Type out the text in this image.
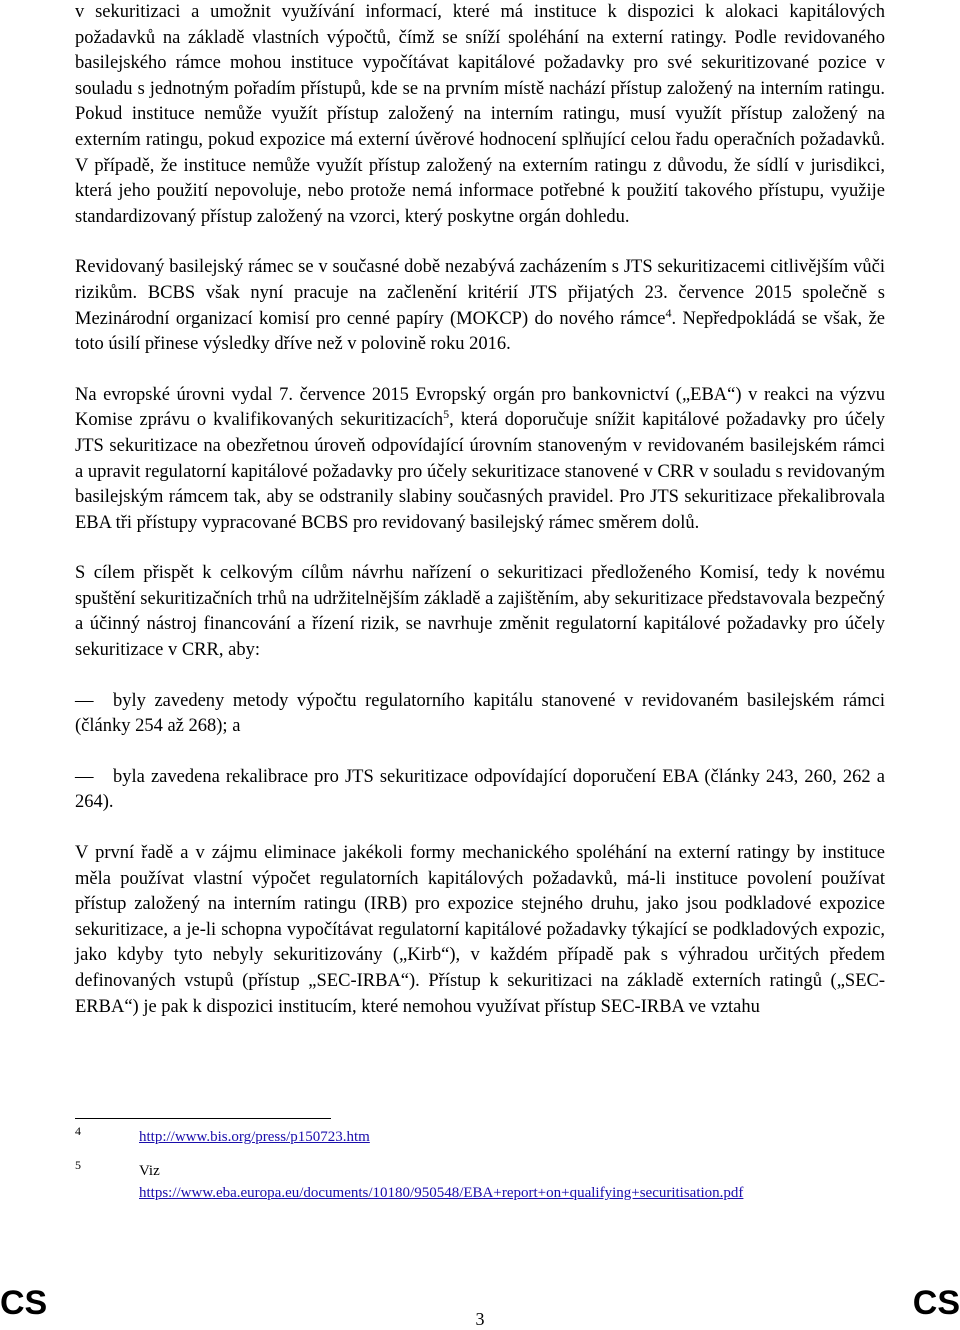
v sekuritizaci a umožnit využívání informací, které má instituce k dispozici k alokaci kapitálových požadavků na základě vlastních výpočtů, čímž se sníží spoléhání na externí ratingy. Podle revidovaného basilejského rámce mohou instituce vypočítávat kapitálové požadavky pro své sekuritizované pozice v souladu s jednotným pořadím přístupů, kde se na prvním místě nachází přístup založený na interním ratingu. Pokud instituce nemůže využít přístup založený na interním ratingu, musí využít přístup založený na externím ratingu, pokud expozice má externí úvěrové hodnocení splňující celou řadu operačních požadavků. V případě, že instituce nemůže využít přístup založený na externím ratingu z důvodu, že sídlí v jurisdikci, která jeho použití nepovoluje, nebo protože nemá informace potřebné k použití takového přístupu, využije standardizovaný přístup založený na vzorci, který poskytne orgán dohledu.

Revidovaný basilejský rámec se v současné době nezabývá zacházením s JTS sekuritizacemi citlivějším vůči rizikům. BCBS však nyní pracuje na začlenění kritérií JTS přijatých 23. července 2015 společně s Mezinárodní organizací komisí pro cenné papíry (MOKCP) do nového rámce$^4$. Nepředpokládá se však, že toto úsilí přinese výsledky dříve než v polovině roku 2016.

Na evropské úrovni vydal 7. července 2015 Evropský orgán pro bankovnictví („EBA“) v reakci na výzvu Komise zprávu o kvalifikovaných sekuritizacích$^5$, která doporučuje snížit kapitálové požadavky pro účely JTS sekuritizace na obezřetnou úroveň odpovídající úrovním stanoveným v revidovaném basilejském rámci a upravit regulatorní kapitálové požadavky pro účely sekuritizace stanovené v CRR v souladu s revidovaným basilejským rámcem tak, aby se odstranily slabiny současných pravidel. Pro JTS sekuritizace překalibrovala EBA tři přístupy vypracované BCBS pro revidovaný basilejský rámec směrem dolů.

S cílem přispět k celkovým cílům návrhu nařízení o sekuritizaci předloženého Komisí, tedy k novému spuštění sekuritizačních trhů na udržitelnějším základě a zajištěním, aby sekuritizace představovala bezpečný a účinný nástroj financování a řízení rizik, se navrhuje změnit regulatorní kapitálové požadavky pro účely sekuritizace v CRR, aby:

— byly zavedeny metody výpočtu regulatorního kapitálu stanovené v revidovaném basilejském rámci (články 254 až 268); a

— byla zavedena rekalibrace pro JTS sekuritizace odpovídající doporučení EBA (články 243, 260, 262 a 264).

V první řadě a v zájmu eliminace jakékoli formy mechanického spoléhání na externí ratingy by instituce měla používat vlastní výpočet regulatorních kapitálových požadavků, má-li instituce povolení používat přístup založený na interním ratingu (IRB) pro expozice stejného druhu, jako jsou podkladové expozice sekuritizace, a je-li schopna vypočítávat regulatorní kapitálové požadavky týkající se podkladových expozic, jako kdyby tyto nebyly sekuritizovány („Kirb“), v každém případě pak s výhradou určitých předem definovaných vstupů (přístup „SEC-IRBA“). Přístup k sekuritizaci na základě externích ratingů („SEC-ERBA“) je pak k dispozici institucím, které nemohou využívat přístup SEC-IRBA ve vztahu

4	http://www.bis.org/press/p150723.htm
5	Viz
https://www.eba.europa.eu/documents/10180/950548/EBA+report+on+qualifying+securitisation.pdf
CS	3	CS
